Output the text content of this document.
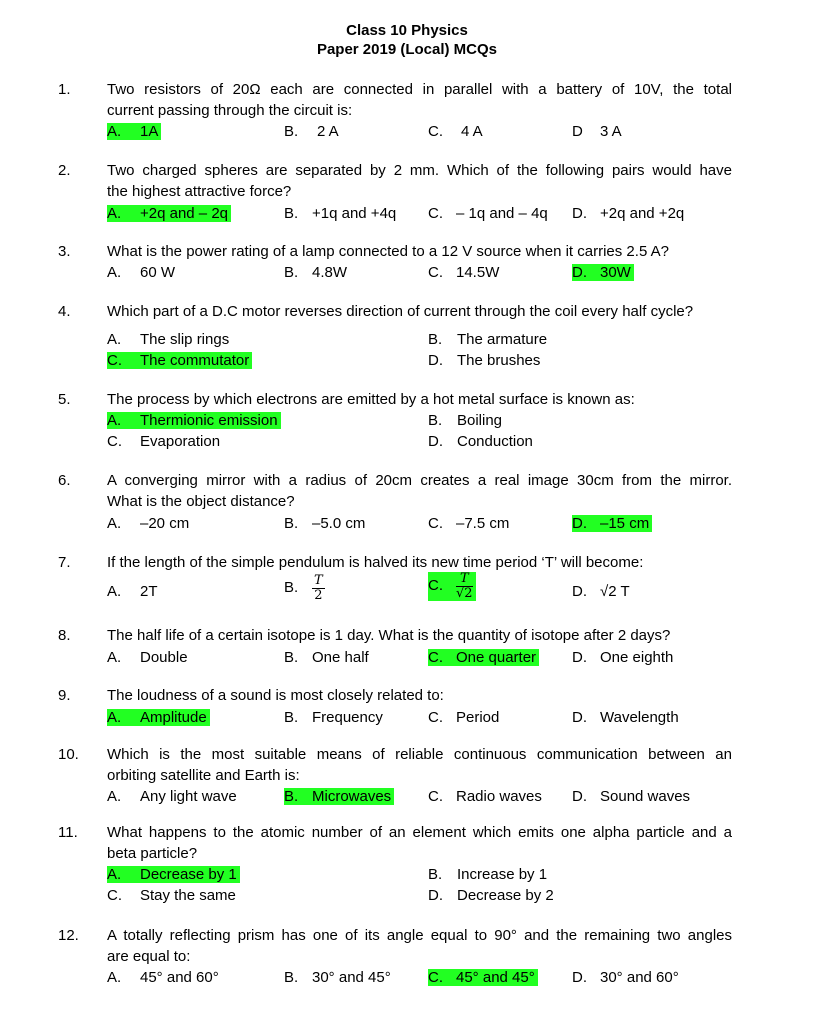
Class 10 Physics
Paper 2019 (Local) MCQs
1. Two resistors of 20Ω each are connected in parallel with a battery of 10V, the total
current passing through the circuit is:
A. 1A	B. 2 A	C. 4 A	D 3 A
2. Two charged spheres are separated by 2 mm. Which of the following pairs would have
the highest attractive force?
A. +2q and – 2q	B. +1q and +4q C. – 1q and – 4q D. +2q and +2q
3. What is the power rating of a lamp connected to a 12 V source when it carries 2.5 A?
A. 60 W	B. 4.8W	C. 14.5W	D. 30W
4. Which part of a D.C motor reverses direction of current through the coil every half cycle?
A. The slip rings	B. The armature
C. The commutator	D. The brushes
5. The process by which electrons are emitted by a hot metal surface is known as:
A. Thermionic emission	B. Boiling
C. Evaporation	D. Conduction
6. A converging mirror with a radius of 20cm creates a real image 30cm from the mirror.
What is the object distance?
A. –20 cm	B. –5.0 cm	C. –7.5 cm	D. –15 cm
7. If the length of the simple pendulum is halved its new time period ‘T’ will become:
A. 2T	B. $\frac{T}{2}$	C. $\frac{T}{√2}$	D. √2 T
8. The half life of a certain isotope is 1 day. What is the quantity of isotope after 2 days?
A. Double	B. One half	C. One quarter D. One eighth
9. The loudness of a sound is most closely related to:
A. Amplitude	B. Frequency	C. Period	D. Wavelength
10. Which is the most suitable means of reliable continuous communication between an
orbiting satellite and Earth is:
A. Any light wave	B. Microwaves C. Radio waves D. Sound waves
11. What happens to the atomic number of an element which emits one alpha particle and a
beta particle?
A. Decrease by 1	B. Increase by 1
C. Stay the same	D. Decrease by 2
12. A totally reflecting prism has one of its angle equal to 90° and the remaining two angles
are equal to:
A. 45° and 60°	B. 30° and 45° C. 45° and 45° D. 30° and 60°
